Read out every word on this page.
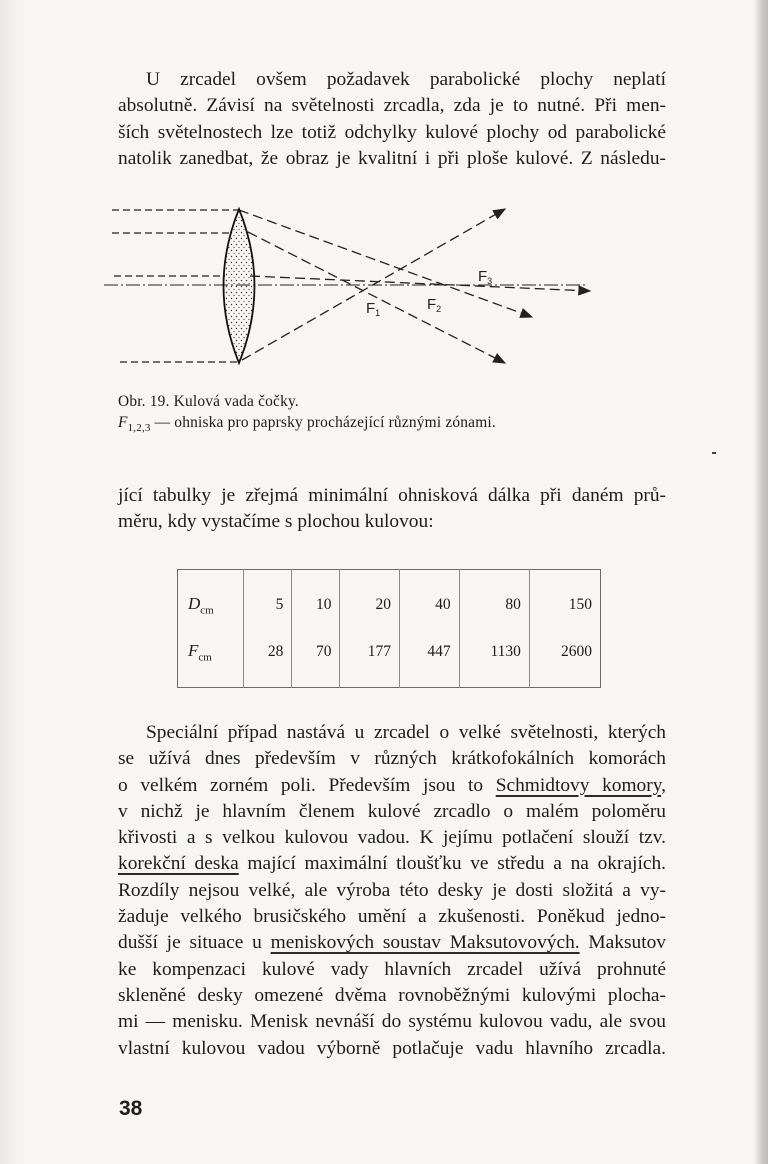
U zrcadel ovšem požadavek parabolické plochy neplatí
absolutně. Závisí na světelnosti zrcadla, zda je to nutné. Při men-
ších světelnostech lze totiž odchylky kulové plochy od parabolické
natolik zanedbat, že obraz je kvalitní i při ploše kulové. Z následu-
$F_1$	$F_2$
$F_3$
Obr. 19. Kulová vada čočky.
$F_{1,2,3}$ — ohniska pro paprsky procházející různými zónami.
jící tabulky je zřejmá minimální ohnisková dálka při daném prů-
měru, kdy vystačíme s plochou kulovou:
$D_{cm}$	5	10	20	40	80	150
$F_{cm}$	28	70	177	447	1130	2600
Speciální případ nastává u zrcadel o velké světelnosti, kterých
se užívá dnes především v různých krátkofokálních komorách
o velkém zorném poli. Především jsou to Schmidtovy komory,
v nichž je hlavním členem kulové zrcadlo o malém poloměru
křivosti a s velkou kulovou vadou. K jejímu potlačení slouží tzv.
korekční deska mající maximální tloušťku ve středu a na okrajích.
Rozdíly nejsou velké, ale výroba této desky je dosti složitá a vy-
žaduje velkého brusičského umění a zkušenosti. Poněkud jedno-
dušší je situace u meniskových soustav Maksutovových. Maksutov
ke kompenzaci kulové vady hlavních zrcadel užívá prohnuté
skleněné desky omezené dvěma rovnoběžnými kulovými plocha-
mi — menisku. Menisk nevnáší do systému kulovou vadu, ale svou
vlastní kulovou vadou výborně potlačuje vadu hlavního zrcadla.
38
